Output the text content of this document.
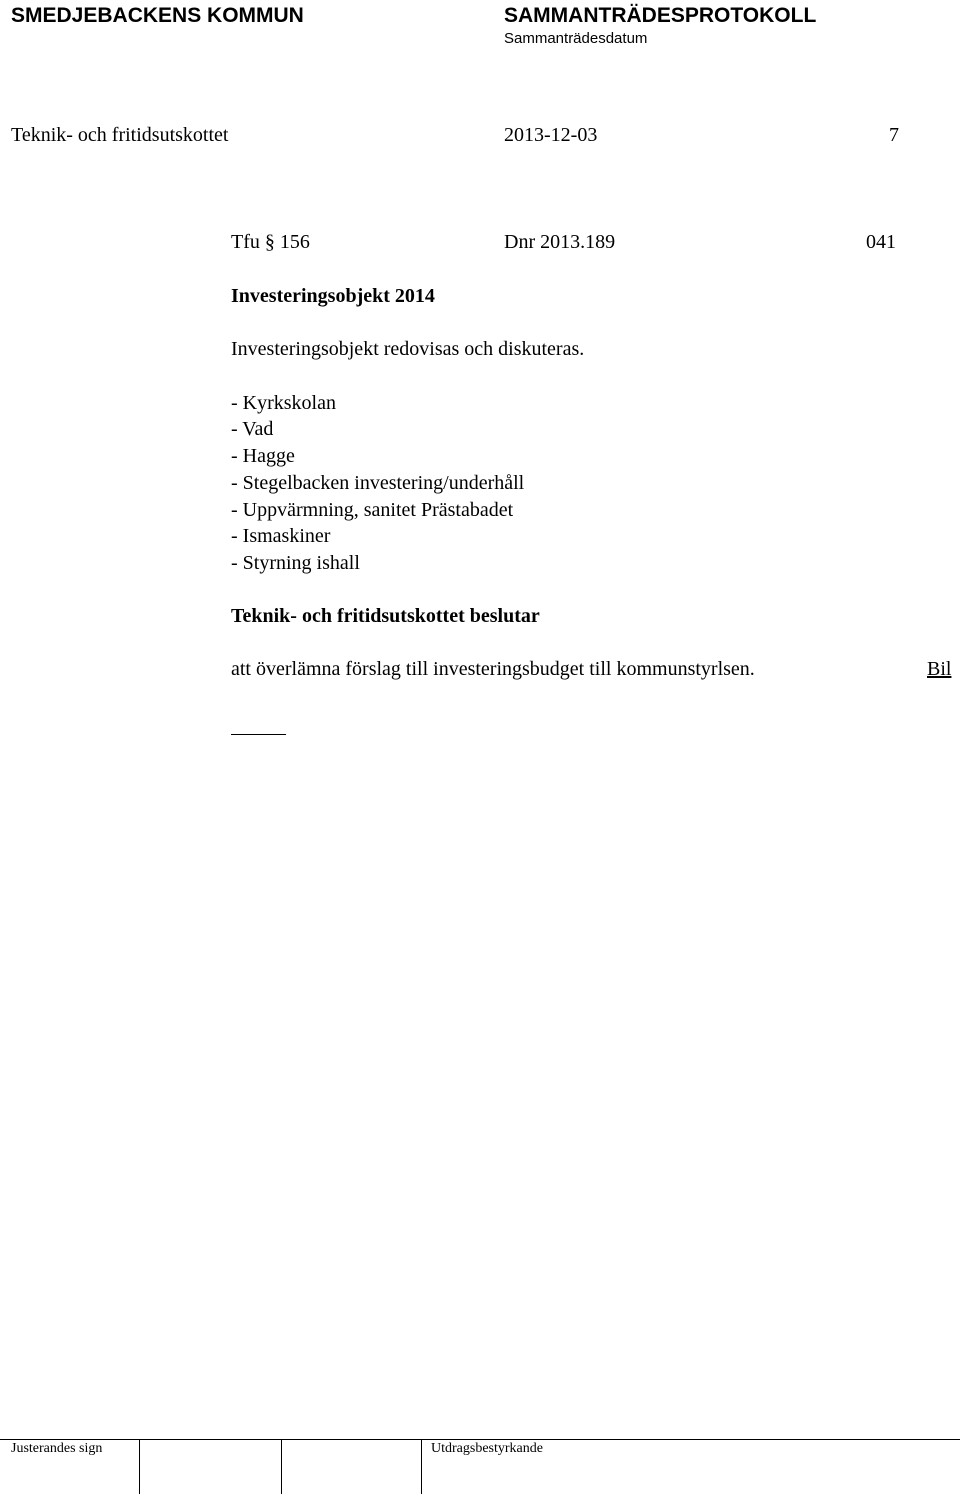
SMEDJEBACKENS KOMMUN	SAMMANTRÄDESPROTOKOLL
Sammanträdesdatum
Teknik- och fritidsutskottet	2013-12-03	7
Tfu § 156	Dnr 2013.189	041
Investeringsobjekt 2014
Investeringsobjekt redovisas och diskuteras.
- Kyrkskolan
- Vad
- Hagge
- Stegelbacken investering/underhåll
- Uppvärmning, sanitet Prästabadet
- Ismaskiner
- Styrning ishall
Teknik- och fritidsutskottet beslutar
att överlämna förslag till investeringsbudget till kommunstyrlsen.	Bil
Justerandes sign	Utdragsbestyrkande
